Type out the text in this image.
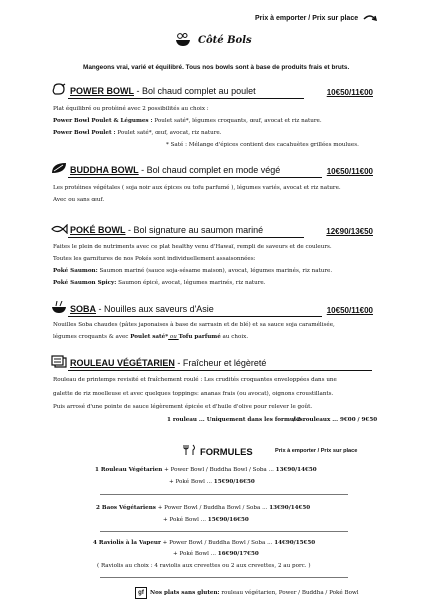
Prix à emporter / Prix sur place
Côté Bols
Mangeons vrai, varié et équilibré. Tous nos bowls sont à base de produits frais et bruts.
POWER BOWL - Bol chaud complet au poulet	10€50/11€00
Plat équilibré ou protéiné avec 2 possibilités au choix :
Power Bowl Poulet & Légumes : Poulet saté*, légumes croquants, œuf, avocat et riz nature.
Power Bowl Poulet : Poulet saté*, œuf, avocat, riz nature.
* Saté : Mélange d'épices contient des cacahuètes grillées moulues.
BUDDHA BOWL - Bol chaud complet en mode végé	10€50/11€00
Les protéines végétales ( soja noir aux épices ou tofu parfumé ), légumes variés, avocat et riz nature.
Avec ou sans œuf.
POKÉ BOWL - Bol signature au saumon mariné	12€90/13€50
Faites le plein de nutriments avec ce plat healthy venu d'Hawaï, rempli de saveurs et de couleurs.
Toutes les garnitures de nos Pokés sont individuellement assaisonnées:
Poké Saumon: Saumon mariné (sauce soja-sésame maison), avocat, légumes marinés, riz nature.
Poké Saumon Spicy: Saumon épicé, avocat, légumes marinés, riz nature.
SOBA - Nouilles aux saveurs d'Asie	10€50/11€00
Nouilles Soba chaudes (pâtes japonaises à base de sarrasin et de blé) et sa sauce soja caramélisée,
légumes croquants & avec Poulet saté* ou Tofu parfumé au choix.
ROULEAU VÉGÉTARIEN - Fraîcheur et légèreté
Rouleau de printemps revisité et fraîchement roulé : Les crudités croquantes enveloppées dans une
galette de riz moelleuse et avec quelques toppings: ananas frais (ou avocat), oignons croustillants.
Puis arrosé d'une pointe de sauce légèrement épicée et d'huile d'olive pour relever le goût.
1 rouleau ... Uniquement dans les formules.
/ 2 rouleaux ... 9€00 / 9€50
FORMULES	Prix à emporter / Prix sur place
1 Rouleau Végétarien + Power Bowl / Buddha Bowl / Soba ... 13€90/14€50
+ Poké Bowl ... 15€90/16€50
2 Baos Végétariens + Power Bowl / Buddha Bowl / Soba ... 13€90/14€50
+ Poké Bowl ... 15€90/16€50
4 Raviolis à la Vapeur + Power Bowl / Buddha Bowl / Soba ... 14€90/15€50
+ Poké Bowl ... 16€90/17€50
( Raviolis au choix : 4 raviolis aux crevettes ou 2 aux crevettes, 2 au porc. )
gf	Nos plats sans gluten: rouleau végétarien, Power / Buddha / Poké Bowl
